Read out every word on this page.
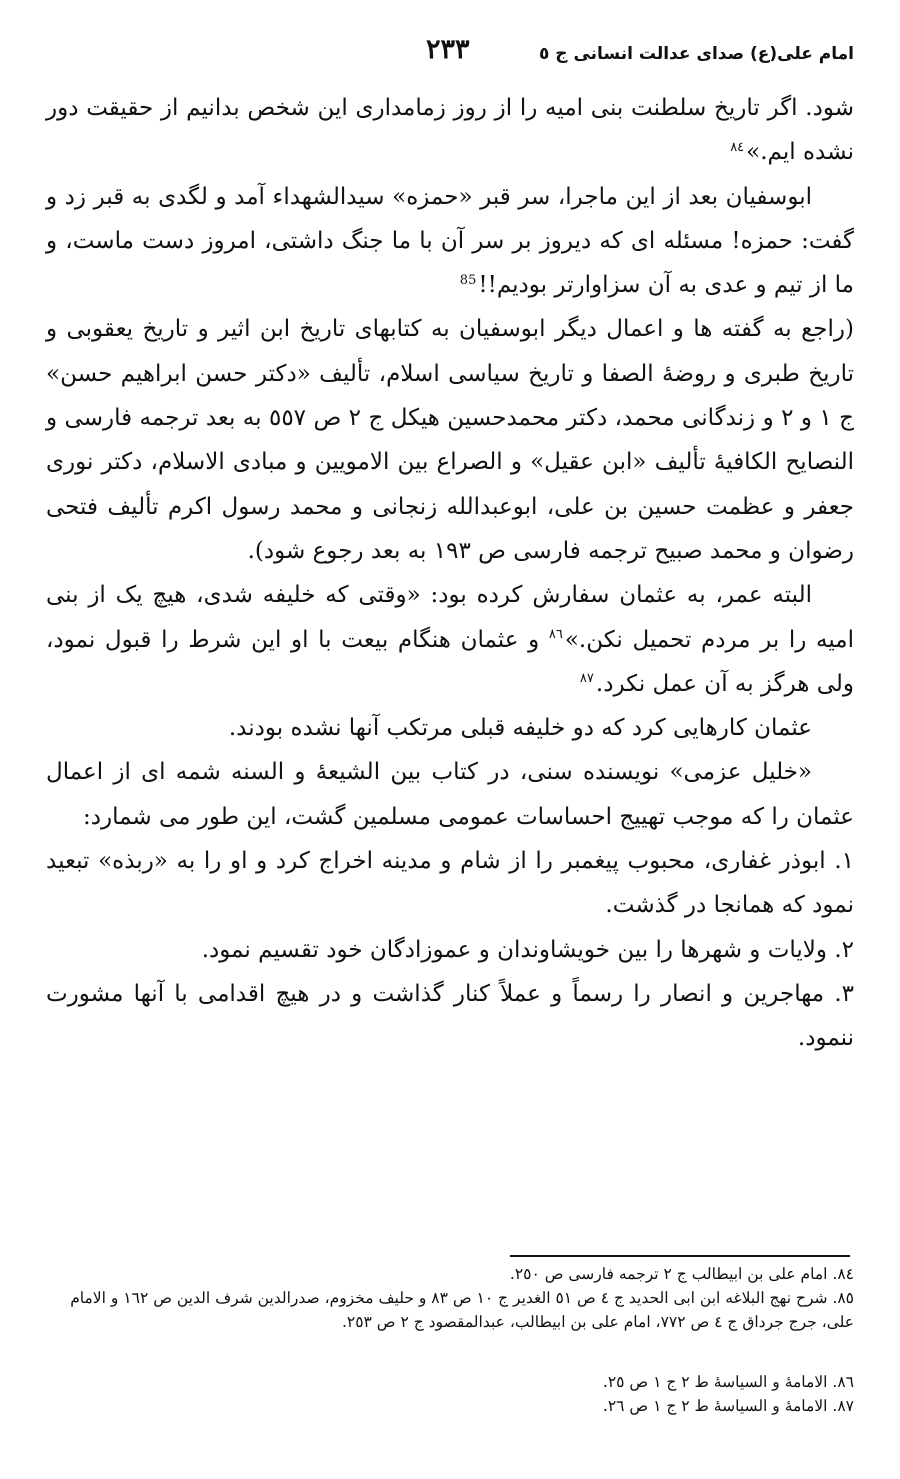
امام علی(ع) صدای عدالت انسانی ج ٥
٢٣٣

شود. اگر تاریخ سلطنت بنی امیه را از روز زمامداری این شخص بدانیم از حقیقت دور نشده ایم.»$^{٨٤}$

ابوسفیان بعد از این ماجرا، سر قبر «حمزه» سیدالشهداء آمد و لگدی به قبر زد و گفت: حمزه! مسئله ای که دیروز بر سر آن با ما جنگ داشتی، امروز دست ماست، و ما از تیم و عدی به آن سزاوارتر بودیم!!$^{85}$

(راجع به گفته ها و اعمال دیگر ابوسفیان به کتابهای تاریخ ابن اثیر و تاریخ یعقوبی و تاریخ طبری و روضهٔ الصفا و تاریخ سیاسی اسلام، تألیف «دکتر حسن ابراهیم حسن» ج ١ و ٢ و زندگانی محمد، دکتر محمدحسین هیکل ج ٢ ص ٥٥٧ به بعد ترجمه فارسی و النصایح الکافیهٔ تألیف «ابن عقیل» و الصراع بین الامویین و مبادی الاسلام، دکتر نوری جعفر و عظمت حسین بن علی، ابوعبدالله زنجانی و محمد رسول اکرم تألیف فتحی رضوان و محمد صبیح ترجمه فارسی ص ١٩٣ به بعد رجوع شود).

البته عمر، به عثمان سفارش کرده بود: «وقتی که خلیفه شدی، هیچ یک از بنی امیه را بر مردم تحمیل نکن.»$^{٨٦}$ و عثمان هنگام بیعت با او این شرط را قبول نمود، ولی هرگز به آن عمل نکرد.$^{٨٧}$

عثمان کارهایی کرد که دو خلیفه قبلی مرتکب آنها نشده بودند.

«خلیل عزمی» نویسنده سنی، در کتاب بین الشیعهٔ و السنه شمه ای از اعمال عثمان را که موجب تهییج احساسات عمومی مسلمین گشت، این طور می شمارد:

١. ابوذر غفاری، محبوب پیغمبر را از شام و مدینه اخراج کرد و او را به «ربذه» تبعید نمود که همانجا در گذشت.

٢. ولایات و شهرها را بین خویشاوندان و عموزادگان خود تقسیم نمود.

٣. مهاجرین و انصار را رسماً و عملاً کنار گذاشت و در هیچ اقدامی با آنها مشورت ننمود.

٨٤. امام علی بن ابیطالب ج ٢ ترجمه فارسی ص ٢٥٠.

٨٥. شرح نهج البلاغه ابن ابی الحدید ج ٤ ص ٥١ الغدیر ج ١٠ ص ٨٣ و حلیف مخزوم، صدرالدین شرف الدین ص ١٦٢ و الامام علی، جرج جرداق ج ٤ ص ٧٧٢، امام علی بن ابیطالب، عبدالمقصود ج ٢ ص ٢٥٣.

٨٦. الامامهٔ و السیاسهٔ ط ٢ ج ١ ص ٢٥.

٨٧. الامامهٔ و السیاسهٔ ط ٢ ج ١ ص ٢٦.
